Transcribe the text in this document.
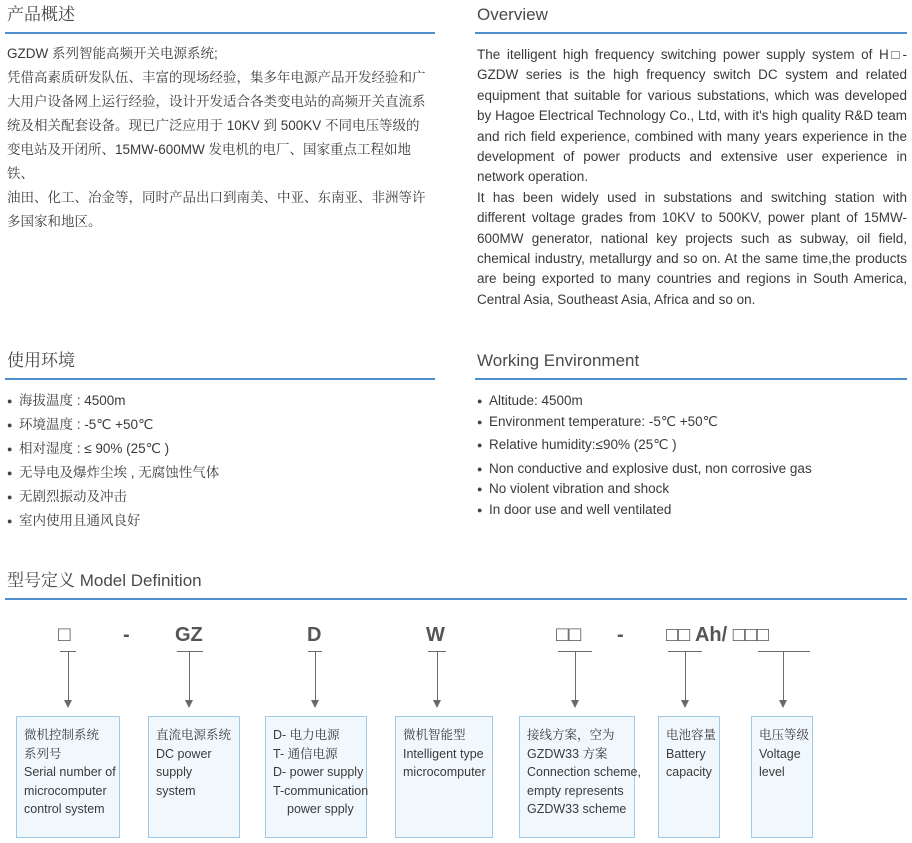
产品概述
GZDW 系列智能高频开关电源系统;
凭借高素质研发队伍、丰富的现场经验，集多年电源产品开发经验和广
大用户设备网上运行经验，设计开发适合各类变电站的高频开关直流系
统及相关配套设备。现已广泛应用于 10KV 到 500KV 不同电压等级的
变电站及开闭所、15MW-600MW 发电机的电厂、国家重点工程如地铁、
油田、化工、冶金等，同时产品出口到南美、中亚、东南亚、非洲等许
多国家和地区。
Overview

The itelligent high frequency switching power supply system of H□-GZDW series is the high frequency switch DC system and related equipment that suitable for various substations, which was developed by Hagoe Electrical Technology Co., Ltd, with it's high quality R&D team and rich field experience, combined with many years experience in the development of power products and extensive user experience in network operation.

It has been widely used in substations and switching station with different voltage grades from 10KV to 500KV, power plant of 15MW-600MW generator, national key projects such as subway, oil field, chemical industry, metallurgy and so on. At the same time,the products are being exported to many countries and regions in South America, Central Asia, Southeast Asia, Africa and so on.

使用环境
● 海拔温度 : 4500m
● 环境温度 : -5℃ +50℃
● 相对湿度 : ≤ 90% (25℃ )
● 无导电及爆炸尘埃 , 无腐蚀性气体
● 无剧烈振动及冲击
● 室内使用且通风良好
Working Environment
● Altitude: 4500m
● Environment temperature: -5℃ +50℃
● Relative humidity:≤90% (25℃ )
● Non conductive and explosive dust, non corrosive gas
● No violent vibration and shock
● In door use and well ventilated
型号定义 Model Definition
□	- GZ	D	W	□□ - □□ Ah/ □□□
微机控制系统
系列号
Serial number of
microcomputer
control system
直流电源系统
DC power
supply
system
D- 电力电源
T- 通信电源
D- power supply
T-communication
power spply
微机智能型
Intelligent type
microcomputer
接线方案，空为
GZDW33 方案
Connection scheme,
empty represents
GZDW33 scheme
电池容量
Battery
capacity
电压等级
Voltage
level
